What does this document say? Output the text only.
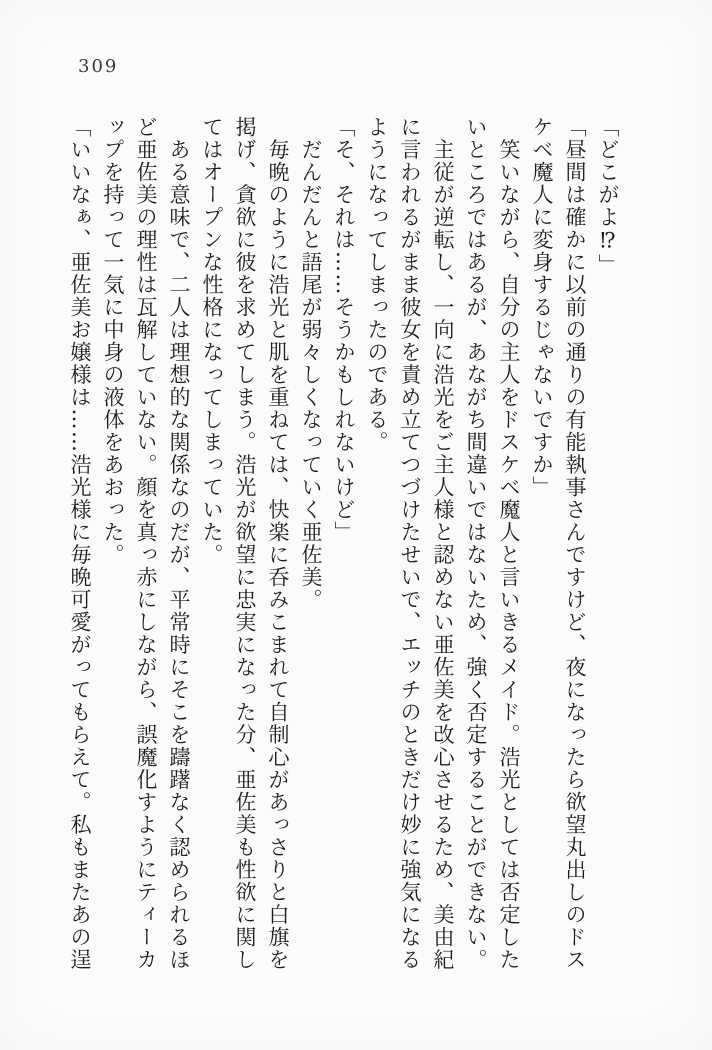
309
「どこがよ⁉」
「昼間は確かに以前の通りの有能執事さんですけど、夜になったら欲望丸出しのドス
ケベ魔人に変身するじゃないですか」
　笑いながら、自分の主人をドスケベ魔人と言いきるメイド。浩光としては否定した
いところではあるが、あながち間違いではないため、強く否定することができない。
　主従が逆転し、一向に浩光をご主人様と認めない亜佐美を改心させるため、美由紀
に言われるがまま彼女を責め立てつづけたせいで、エッチのときだけ妙に強気になる
ようになってしまったのである。
「そ、それは……そうかもしれないけど」
　だんだんと語尾が弱々しくなっていく亜佐美。
　毎晩のように浩光と肌を重ねては、快楽に呑みこまれて自制心があっさりと白旗を
掲げ、貪欲に彼を求めてしまう。浩光が欲望に忠実になった分、亜佐美も性欲に関し
てはオープンな性格になってしまっていた。
　ある意味で、二人は理想的な関係なのだが、平常時にそこを躊躇なく認められるほ
ど亜佐美の理性は瓦解していない。顔を真っ赤にしながら、誤魔化すようにティーカ
ップを持って一気に中身の液体をあおった。
「いいなぁ、亜佐美お嬢様は……浩光様に毎晩可愛がってもらえて。私もまたあの逞
